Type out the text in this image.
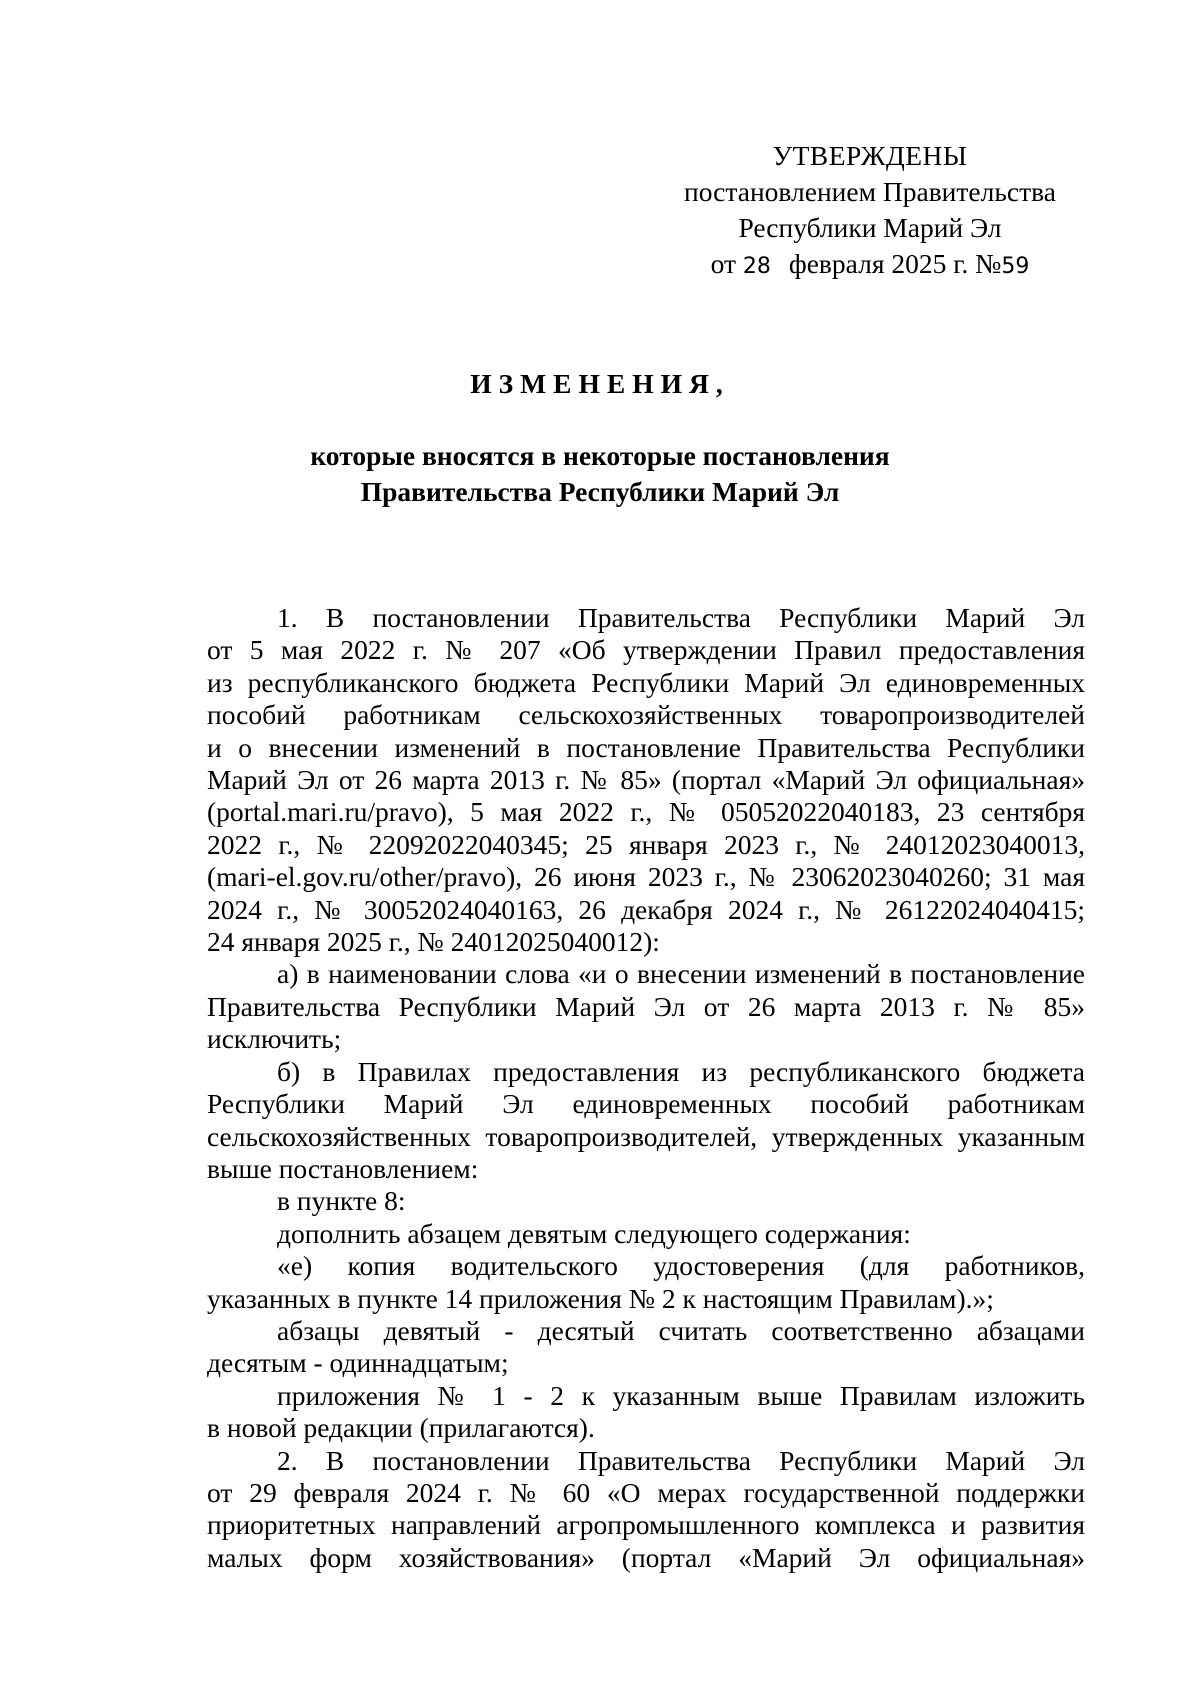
УТВЕРЖДЕНЫ
постановлением Правительства
Республики Марий Эл
от 28 февраля 2025 г. №59
ИЗМЕНЕНИЯ,
которые вносятся в некоторые постановления
Правительства Республики Марий Эл
1. В постановлении Правительства Республики Марий Эл
от 5 мая 2022 г. № 207 «Об утверждении Правил предоставления
из республиканского бюджета Республики Марий Эл единовременных
пособий работникам сельскохозяйственных товаропроизводителей
и о внесении изменений в постановление Правительства Республики
Марий Эл от 26 марта 2013 г. № 85» (портал «Марий Эл официальная»
(portal.mari.ru/pravo), 5 мая 2022 г., № 05052022040183, 23 сентября
2022 г., № 22092022040345; 25 января 2023 г., № 24012023040013,
(mari-el.gov.ru/other/pravo), 26 июня 2023 г., № 23062023040260; 31 мая
2024 г., № 30052024040163, 26 декабря 2024 г., № 26122024040415;
24 января 2025 г., № 24012025040012):
а) в наименовании слова «и о внесении изменений в постановление
Правительства Республики Марий Эл от 26 марта 2013 г. № 85»
исключить;
б) в Правилах предоставления из республиканского бюджета
Республики Марий Эл единовременных пособий работникам
сельскохозяйственных товаропроизводителей, утвержденных указанным
выше постановлением:
в пункте 8:
дополнить абзацем девятым следующего содержания:
«е) копия водительского удостоверения (для работников,
указанных в пункте 14 приложения № 2 к настоящим Правилам).»;
абзацы девятый - десятый считать соответственно абзацами
десятым - одиннадцатым;
приложения № 1 - 2 к указанным выше Правилам изложить
в новой редакции (прилагаются).
2. В постановлении Правительства Республики Марий Эл
от 29 февраля 2024 г. № 60 «О мерах государственной поддержки
приоритетных направлений агропромышленного комплекса и развития
малых форм хозяйствования» (портал «Марий Эл официальная»
